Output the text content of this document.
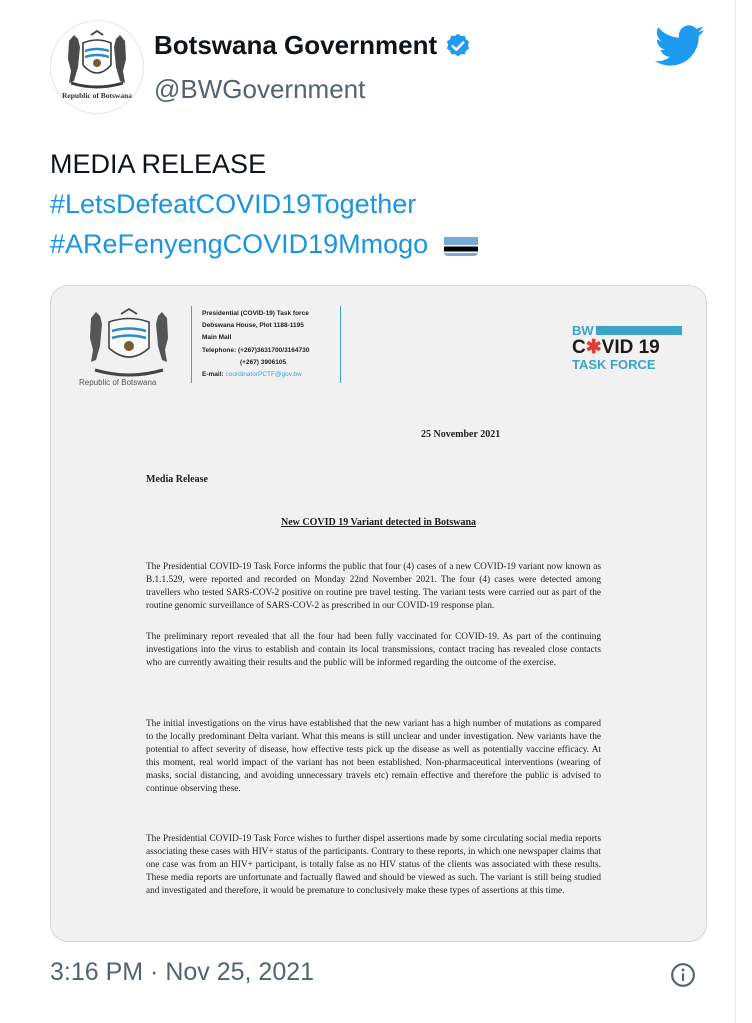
Republic of Botswana
Botswana Government
@BWGovernment
MEDIA RELEASE
#LetsDefeatCOVID19Together
#AReFenyengCOVID19Mmogo
Republic of Botswana
Presidential (COVID-19) Task force
Debswana House, Plot 1188-1195
Main Mall
Telephone: (+267)3631700/3164730
(+267) 3906105
E-mail: coordinatorPCTF@gov.bw
BW
C✱VID 19
TASK FORCE
25 November 2021
Media Release
New COVID 19 Variant detected in Botswana
The Presidential COVID-19 Task Force informs the public that four (4) cases of a new COVID-19 variant now known as B.1.1.529, were reported and recorded on Monday 22nd November 2021. The four (4) cases were detected among travellers who tested SARS-COV-2 positive on routine pre travel testing. The variant tests were carried out as part of the routine genomic surveillance of SARS-COV-2 as prescribed in our COVID-19 response plan.
The preliminary report revealed that all the four had been fully vaccinated for COVID-19. As part of the continuing investigations into the virus to establish and contain its local transmissions, contact tracing has revealed close contacts who are currently awaiting their results and the public will be informed regarding the outcome of the exercise.
The initial investigations on the virus have established that the new variant has a high number of mutations as compared to the locally predominant Delta variant. What this means is still unclear and under investigation. New variants have the potential to affect severity of disease, how effective tests pick up the disease as well as potentially vaccine efficacy. At this moment, real world impact of the variant has not been established. Non-pharmaceutical interventions (wearing of masks, social distancing, and avoiding unnecessary travels etc) remain effective and therefore the public is advised to continue observing these.
The Presidential COVID-19 Task Force wishes to further dispel assertions made by some circulating social media reports associating these cases with HIV+ status of the participants. Contrary to these reports, in which one newspaper claims that one case was from an HIV+ participant, is totally false as no HIV status of the clients was associated with these results. These media reports are unfortunate and factually flawed and should be viewed as such. The variant is still being studied and investigated and therefore, it would be premature to conclusively make these types of assertions at this time.
3:16 PM · Nov 25, 2021
